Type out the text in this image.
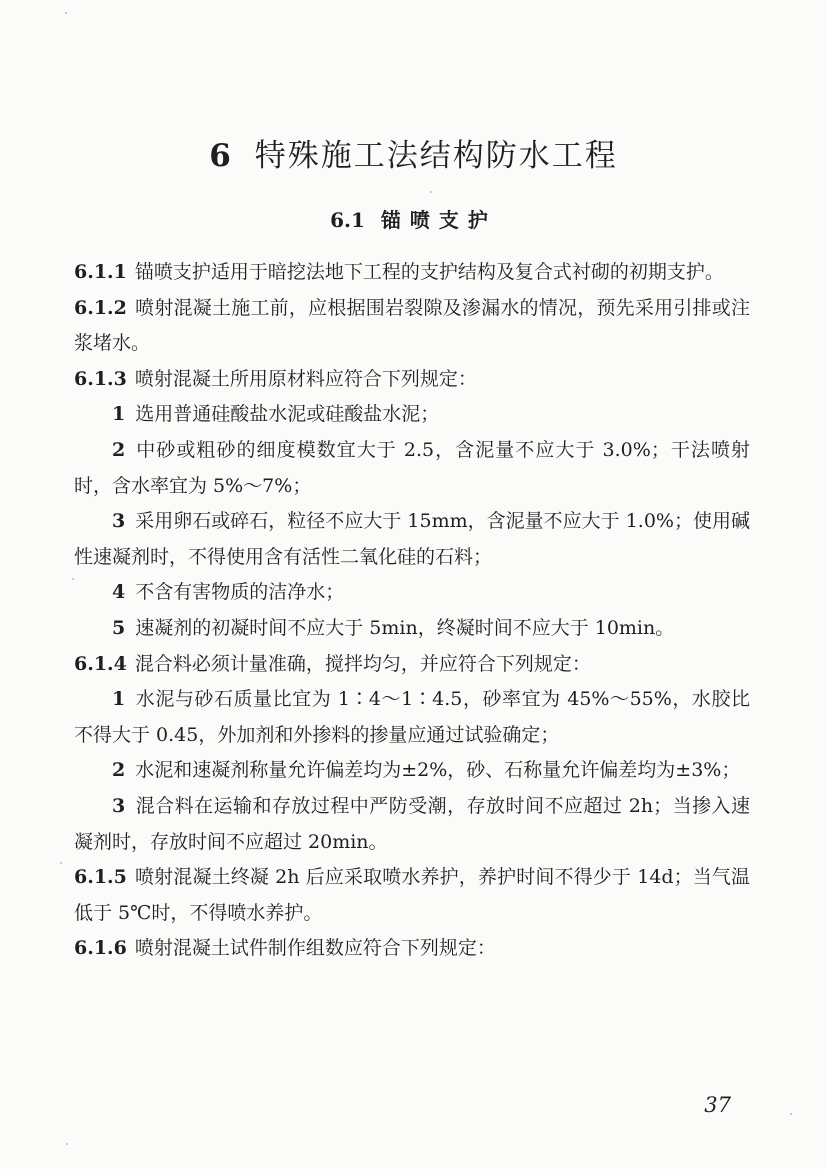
6 特殊施工法结构防水工程
6.1 锚喷支护

6.1.1 锚喷支护适用于暗挖法地下工程的支护结构及复合式衬砌的初期支护。

6.1.2 喷射混凝土施工前，应根据围岩裂隙及渗漏水的情况，预先采用引排或注浆堵水。

6.1.3 喷射混凝土所用原材料应符合下列规定：

1 选用普通硅酸盐水泥或硅酸盐水泥；

2 中砂或粗砂的细度模数宜大于 2.5，含泥量不应大于 3.0%；干法喷射时，含水率宜为 5%～7%；

3 采用卵石或碎石，粒径不应大于 15mm，含泥量不应大于 1.0%；使用碱性速凝剂时，不得使用含有活性二氧化硅的石料；

4 不含有害物质的洁净水；

5 速凝剂的初凝时间不应大于 5min，终凝时间不应大于 10min。

6.1.4 混合料必须计量准确，搅拌均匀，并应符合下列规定：

1 水泥与砂石质量比宜为 1∶4～1∶4.5，砂率宜为 45%～55%，水胶比不得大于 0.45，外加剂和外掺料的掺量应通过试验确定；

2 水泥和速凝剂称量允许偏差均为±2%，砂、石称量允许偏差均为±3%；

3 混合料在运输和存放过程中严防受潮，存放时间不应超过 2h；当掺入速凝剂时，存放时间不应超过 20min。

6.1.5 喷射混凝土终凝 2h 后应采取喷水养护，养护时间不得少于 14d；当气温低于 5℃时，不得喷水养护。

6.1.6 喷射混凝土试件制作组数应符合下列规定：

37
